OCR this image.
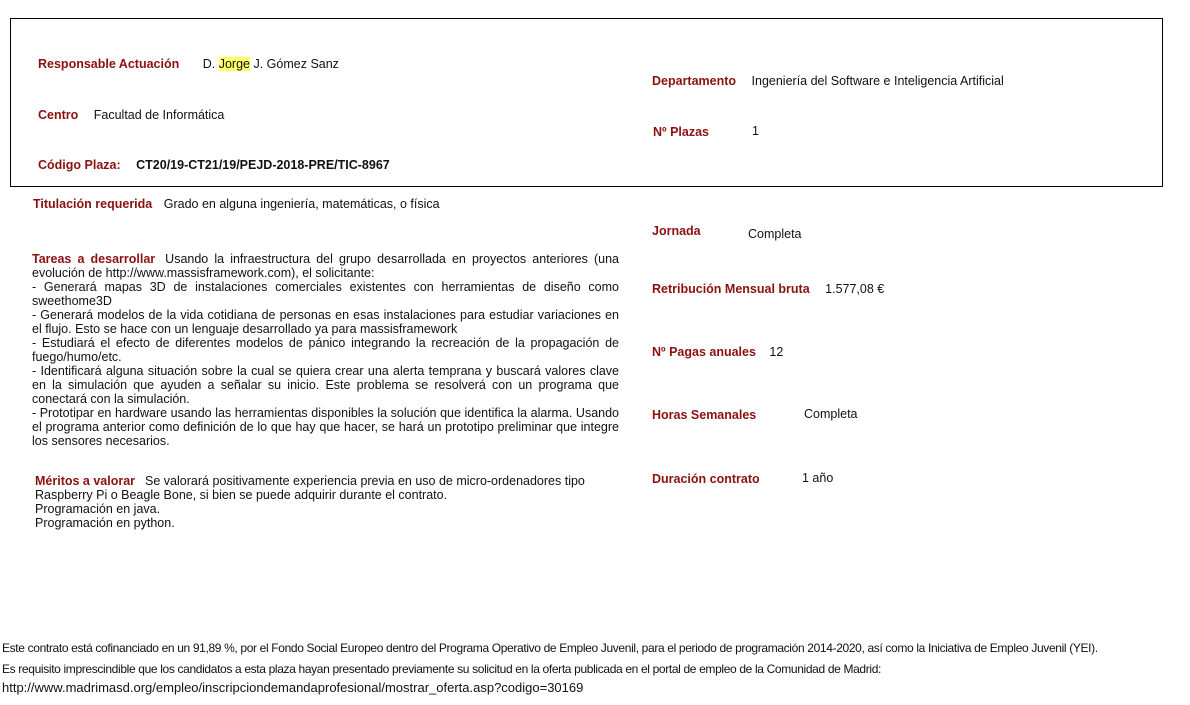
Responsable Actuación D. Jorge J. Gómez Sanz
Centro Facultad de Informática
Código Plaza: CT20/19-CT21/19/PEJD-2018-PRE/TIC-8967
Departamento Ingeniería del Software e Inteligencia Artificial
Nº Plazas	1
Titulación requerida Grado en alguna ingeniería, matemáticas, o física
Tareas a desarrollar Usando la infraestructura del grupo desarrollada en proyectos anteriores (una evolución de http://www.massisframework.com), el solicitante:
- Generará mapas 3D de instalaciones comerciales existentes con herramientas de diseño como sweethome3D
- Generará modelos de la vida cotidiana de personas en esas instalaciones para estudiar variaciones en el flujo. Esto se hace con un lenguaje desarrollado ya para massisframework
- Estudiará el efecto de diferentes modelos de pánico integrando la recreación de la propagación de fuego/humo/etc.
- Identificará alguna situación sobre la cual se quiera crear una alerta temprana y buscará valores clave en la simulación que ayuden a señalar su inicio. Este problema se resolverá con un programa que conectará con la simulación.
- Prototipar en hardware usando las herramientas disponibles la solución que identifica la alarma. Usando el programa anterior como definición de lo que hay que hacer, se hará un prototipo preliminar que integre los sensores necesarios.
Méritos a valorar Se valorará positivamente experiencia previa en uso de micro-ordenadores tipo Raspberry Pi o Beagle Bone, si bien se puede adquirir durante el contrato.
Programación en java.
Programación en python.
Jornada	Completa
Retribución Mensual bruta 1.577,08 €
Nº Pagas anuales 12
Horas Semanales	Completa
Duración contrato	1 año
Este contrato está cofinanciado en un 91,89 %, por el Fondo Social Europeo dentro del Programa Operativo de Empleo Juvenil, para el periodo de programación 2014-2020, así como la Iniciativa de Empleo Juvenil (YEI).
Es requisito imprescindible que los candidatos a esta plaza hayan presentado previamente su solicitud en la oferta publicada en el portal de empleo de la Comunidad de Madrid:
http://www.madrimasd.org/empleo/inscripciondemandaprofesional/mostrar_oferta.asp?codigo=30169
